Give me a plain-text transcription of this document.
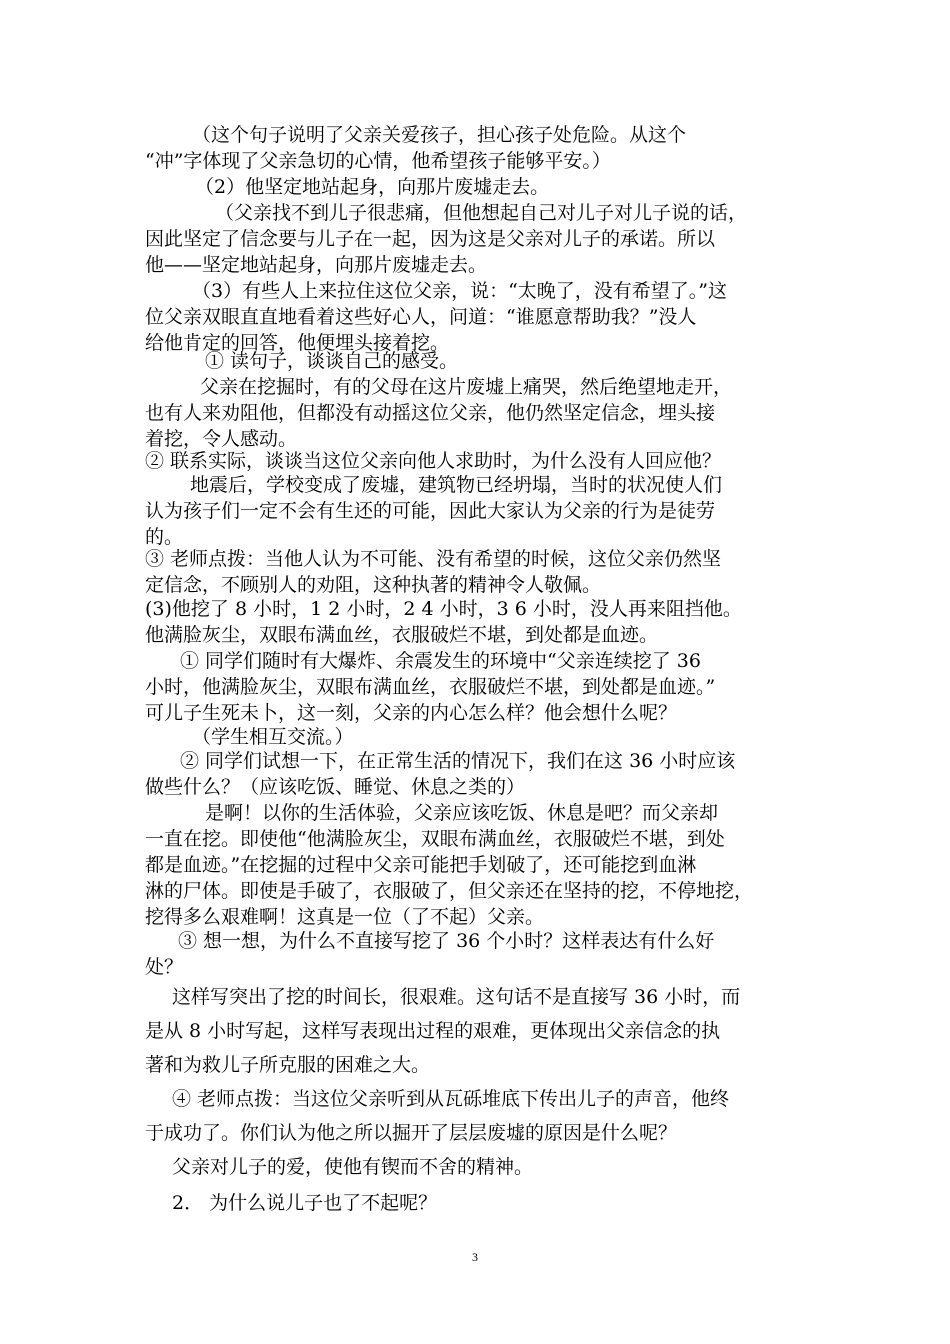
（这个句子说明了父亲关爱孩子，担心孩子处危险。从这个
“冲”字体现了父亲急切的心情，他希望孩子能够平安。）
（2）他坚定地站起身，向那片废墟走去。
（父亲找不到儿子很悲痛，但他想起自己对儿子对儿子说的话，
因此坚定了信念要与儿子在一起，因为这是父亲对儿子的承诺。所以
他——坚定地站起身，向那片废墟走去。
（3）有些人上来拉住这位父亲，说：“太晚了，没有希望了。”这
位父亲双眼直直地看着这些好心人，问道：“谁愿意帮助我？”没人
给他肯定的回答，他便埋头接着挖。
① 读句子，谈谈自己的感受。
父亲在挖掘时，有的父母在这片废墟上痛哭，然后绝望地走开，
也有人来劝阻他，但都没有动摇这位父亲，他仍然坚定信念，埋头接
着挖，令人感动。
② 联系实际，谈谈当这位父亲向他人求助时，为什么没有人回应他？
地震后，学校变成了废墟，建筑物已经坍塌，当时的状况使人们
认为孩子们一定不会有生还的可能，因此大家认为父亲的行为是徒劳
的。
③ 老师点拨：当他人认为不可能、没有希望的时候，这位父亲仍然坚
定信念，不顾别人的劝阻，这种执著的精神令人敬佩。
(3)他挖了 8 小时，1 2 小时，2 4 小时，3 6 小时，没人再来阻挡他。
他满脸灰尘，双眼布满血丝，衣服破烂不堪，到处都是血迹。
① 同学们随时有大爆炸、余震发生的环境中“父亲连续挖了 36
小时，他满脸灰尘，双眼布满血丝，衣服破烂不堪，到处都是血迹。”
可儿子生死未卜，这一刻，父亲的内心怎么样？他会想什么呢？
（学生相互交流。）
② 同学们试想一下，在正常生活的情况下，我们在这 36 小时应该
做些什么？（应该吃饭、睡觉、休息之类的）
是啊！以你的生活体验，父亲应该吃饭、休息是吧？而父亲却
一直在挖。即使他“他满脸灰尘，双眼布满血丝，衣服破烂不堪，到处
都是血迹。”在挖掘的过程中父亲可能把手划破了，还可能挖到血淋
淋的尸体。即使是手破了，衣服破了，但父亲还在坚持的挖，不停地挖，
挖得多么艰难啊！这真是一位（了不起）父亲。
③ 想一想，为什么不直接写挖了 36 个小时？这样表达有什么好
处？
这样写突出了挖的时间长，很艰难。这句话不是直接写 36 小时，而
是从 8 小时写起，这样写表现出过程的艰难，更体现出父亲信念的执
著和为救儿子所克服的困难之大。
④ 老师点拨：当这位父亲听到从瓦砾堆底下传出儿子的声音，他终
于成功了。你们认为他之所以掘开了层层废墟的原因是什么呢？
父亲对儿子的爱，使他有锲而不舍的精神。
2． 为什么说儿子也了不起呢？
3
